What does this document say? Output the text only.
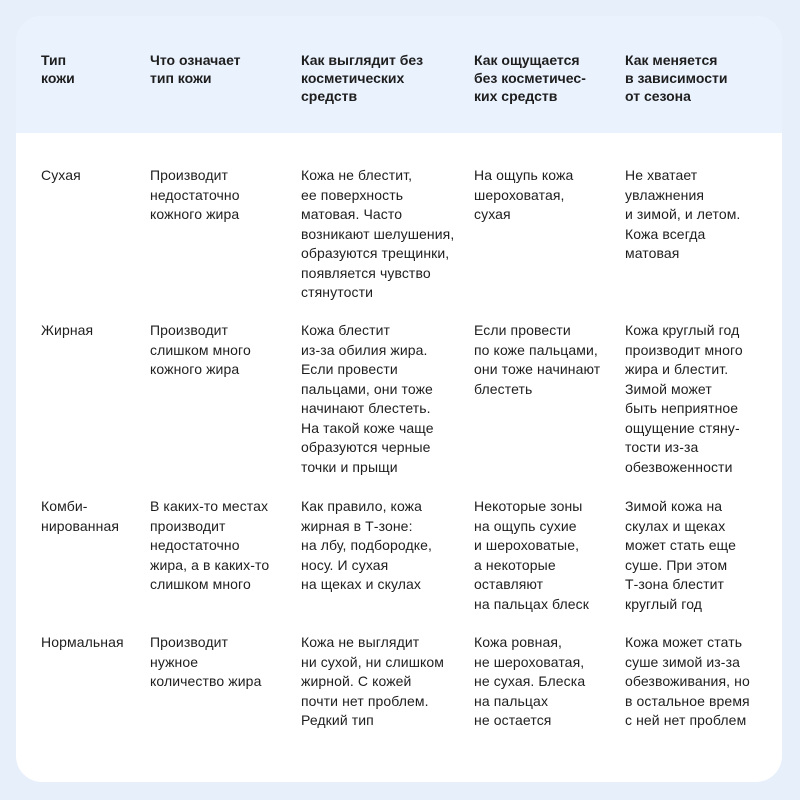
Тип
кожи
Что означает
тип кожи
Как выглядит без
косметических
средств
Как ощущается
без косметичес-
ких средств
Как меняется
в зависимости
от сезона
Сухая	Производит
недостаточно
кожного жира
Кожа не блестит,
ее поверхность
матовая. Часто
возникают шелушения,
образуются трещинки,
появляется чувство
стянутости
На ощупь кожа
шероховатая,
сухая
Не хватает
увлажнения
и зимой, и летом.
Кожа всегда
матовая
Жирная	Производит
слишком много
кожного жира
Кожа блестит
из-за обилия жира.
Если провести
пальцами, они тоже
начинают блестеть.
На такой коже чаще
образуются черные
точки и прыщи
Если провести
по коже пальцами,
они тоже начинают
блестеть
Кожа круглый год
производит много
жира и блестит.
Зимой может
быть неприятное
ощущение стяну-
тости из-за
обезвоженности
Комби-
нированная
В каких-то местах
производит
недостаточно
жира, а в каких-то
слишком много
Как правило, кожа
жирная в Т-зоне:
на лбу, подбородке,
носу. И сухая
на щеках и скулах
Некоторые зоны
на ощупь сухие
и шероховатые,
а некоторые
оставляют
на пальцах блеск
Зимой кожа на
скулах и щеках
может стать еще
суше. При этом
Т-зона блестит
круглый год
Нормальная Производит
нужное
количество жира
Кожа не выглядит
ни сухой, ни слишком
жирной. С кожей
почти нет проблем.
Редкий тип
Кожа ровная,
не шероховатая,
не сухая. Блеска
на пальцах
не остается
Кожа может стать
суше зимой из-за
обезвоживания, но
в остальное время
с ней нет проблем
